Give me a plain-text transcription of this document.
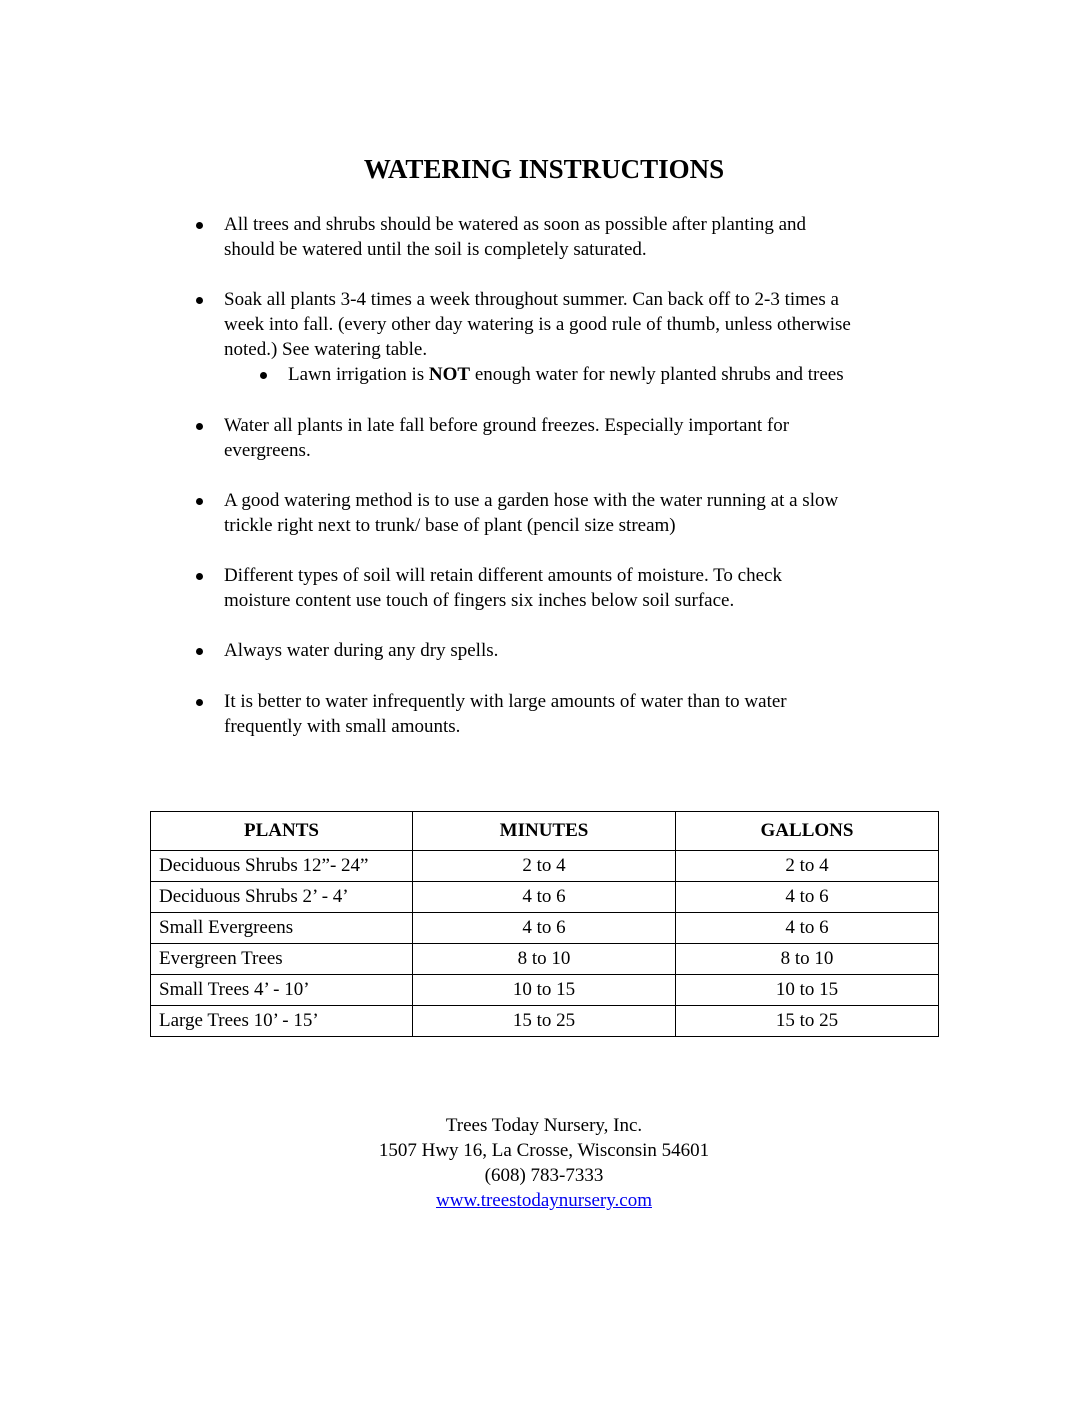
WATERING INSTRUCTIONS
All trees and shrubs should be watered as soon as possible after planting and
should be watered until the soil is completely saturated.
Soak all plants 3-4 times a week throughout summer. Can back off to 2-3 times a
week into fall. (every other day watering is a good rule of thumb, unless otherwise
noted.) See watering table.
Lawn irrigation is NOT enough water for newly planted shrubs and trees
Water all plants in late fall before ground freezes. Especially important for
evergreens.
A good watering method is to use a garden hose with the water running at a slow
trickle right next to trunk/ base of plant (pencil size stream)
Different types of soil will retain different amounts of moisture. To check
moisture content use touch of fingers six inches below soil surface.
Always water during any dry spells.
It is better to water infrequently with large amounts of water than to water
frequently with small amounts.
PLANTS	MINUTES	GALLONS
Deciduous Shrubs 12”- 24”	2 to 4	2 to 4
Deciduous Shrubs 2’ - 4’	4 to 6	4 to 6
Small Evergreens	4 to 6	4 to 6
Evergreen Trees	8 to 10	8 to 10
Small Trees 4’ - 10’	10 to 15	10 to 15
Large Trees 10’ - 15’	15 to 25	15 to 25
Trees Today Nursery, Inc.
1507 Hwy 16, La Crosse, Wisconsin 54601
(608) 783-7333
www.treestodaynursery.com
